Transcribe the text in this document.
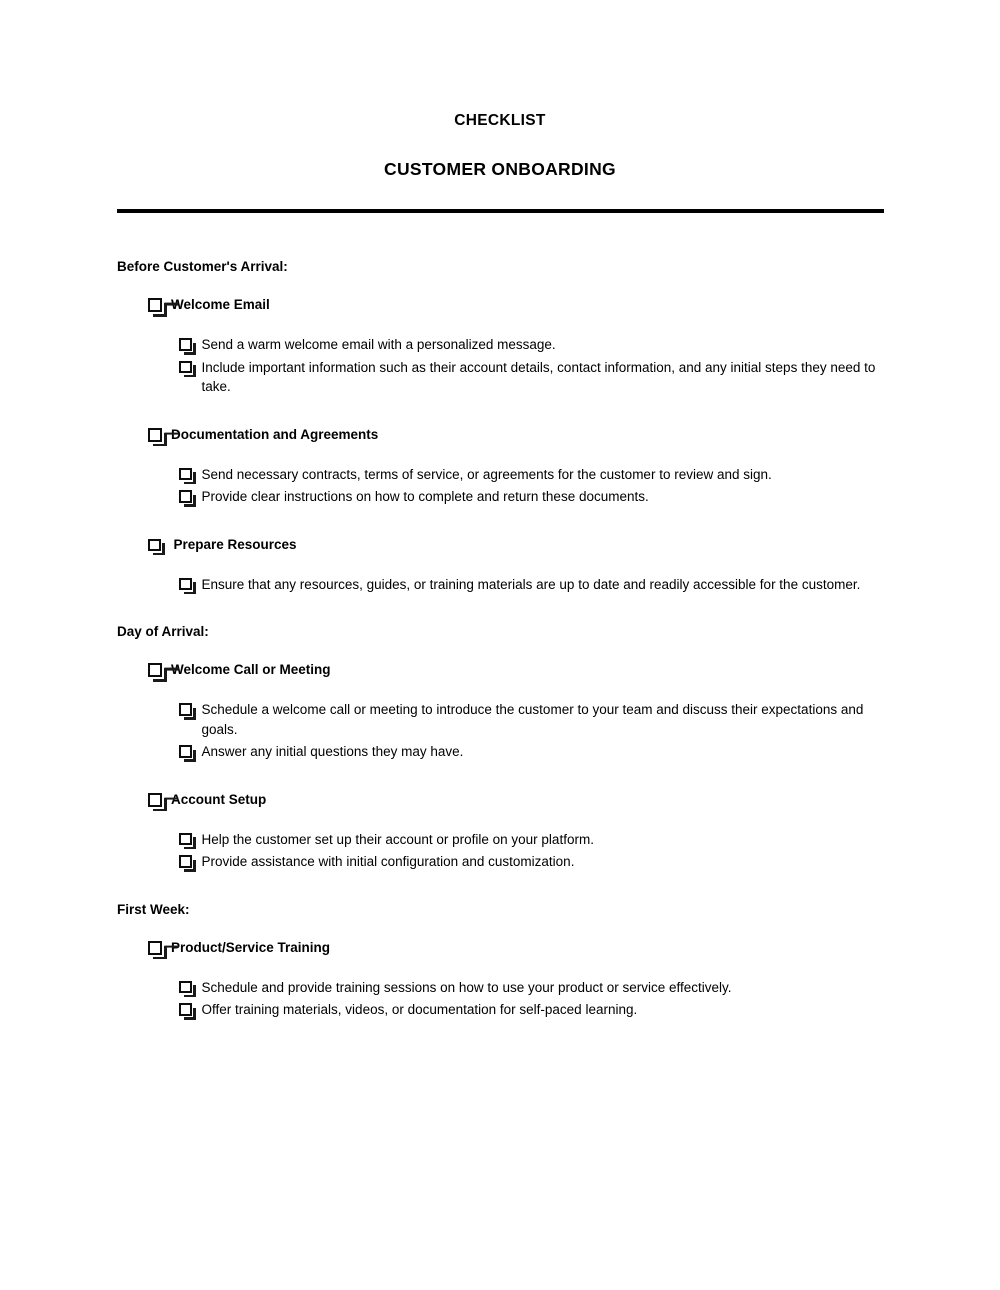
CHECKLIST
CUSTOMER ONBOARDING
Before Customer's Arrival:
Welcome Email
Send a warm welcome email with a personalized message.
Include important information such as their account details, contact information, and any initial steps they need to take.
Documentation and Agreements
Send necessary contracts, terms of service, or agreements for the customer to review and sign.
Provide clear instructions on how to complete and return these documents.
Prepare Resources
Ensure that any resources, guides, or training materials are up to date and readily accessible for the customer.
Day of Arrival:
Welcome Call or Meeting
Schedule a welcome call or meeting to introduce the customer to your team and discuss their expectations and goals.
Answer any initial questions they may have.
Account Setup
Help the customer set up their account or profile on your platform.
Provide assistance with initial configuration and customization.
First Week:
Product/Service Training
Schedule and provide training sessions on how to use your product or service effectively.
Offer training materials, videos, or documentation for self-paced learning.
